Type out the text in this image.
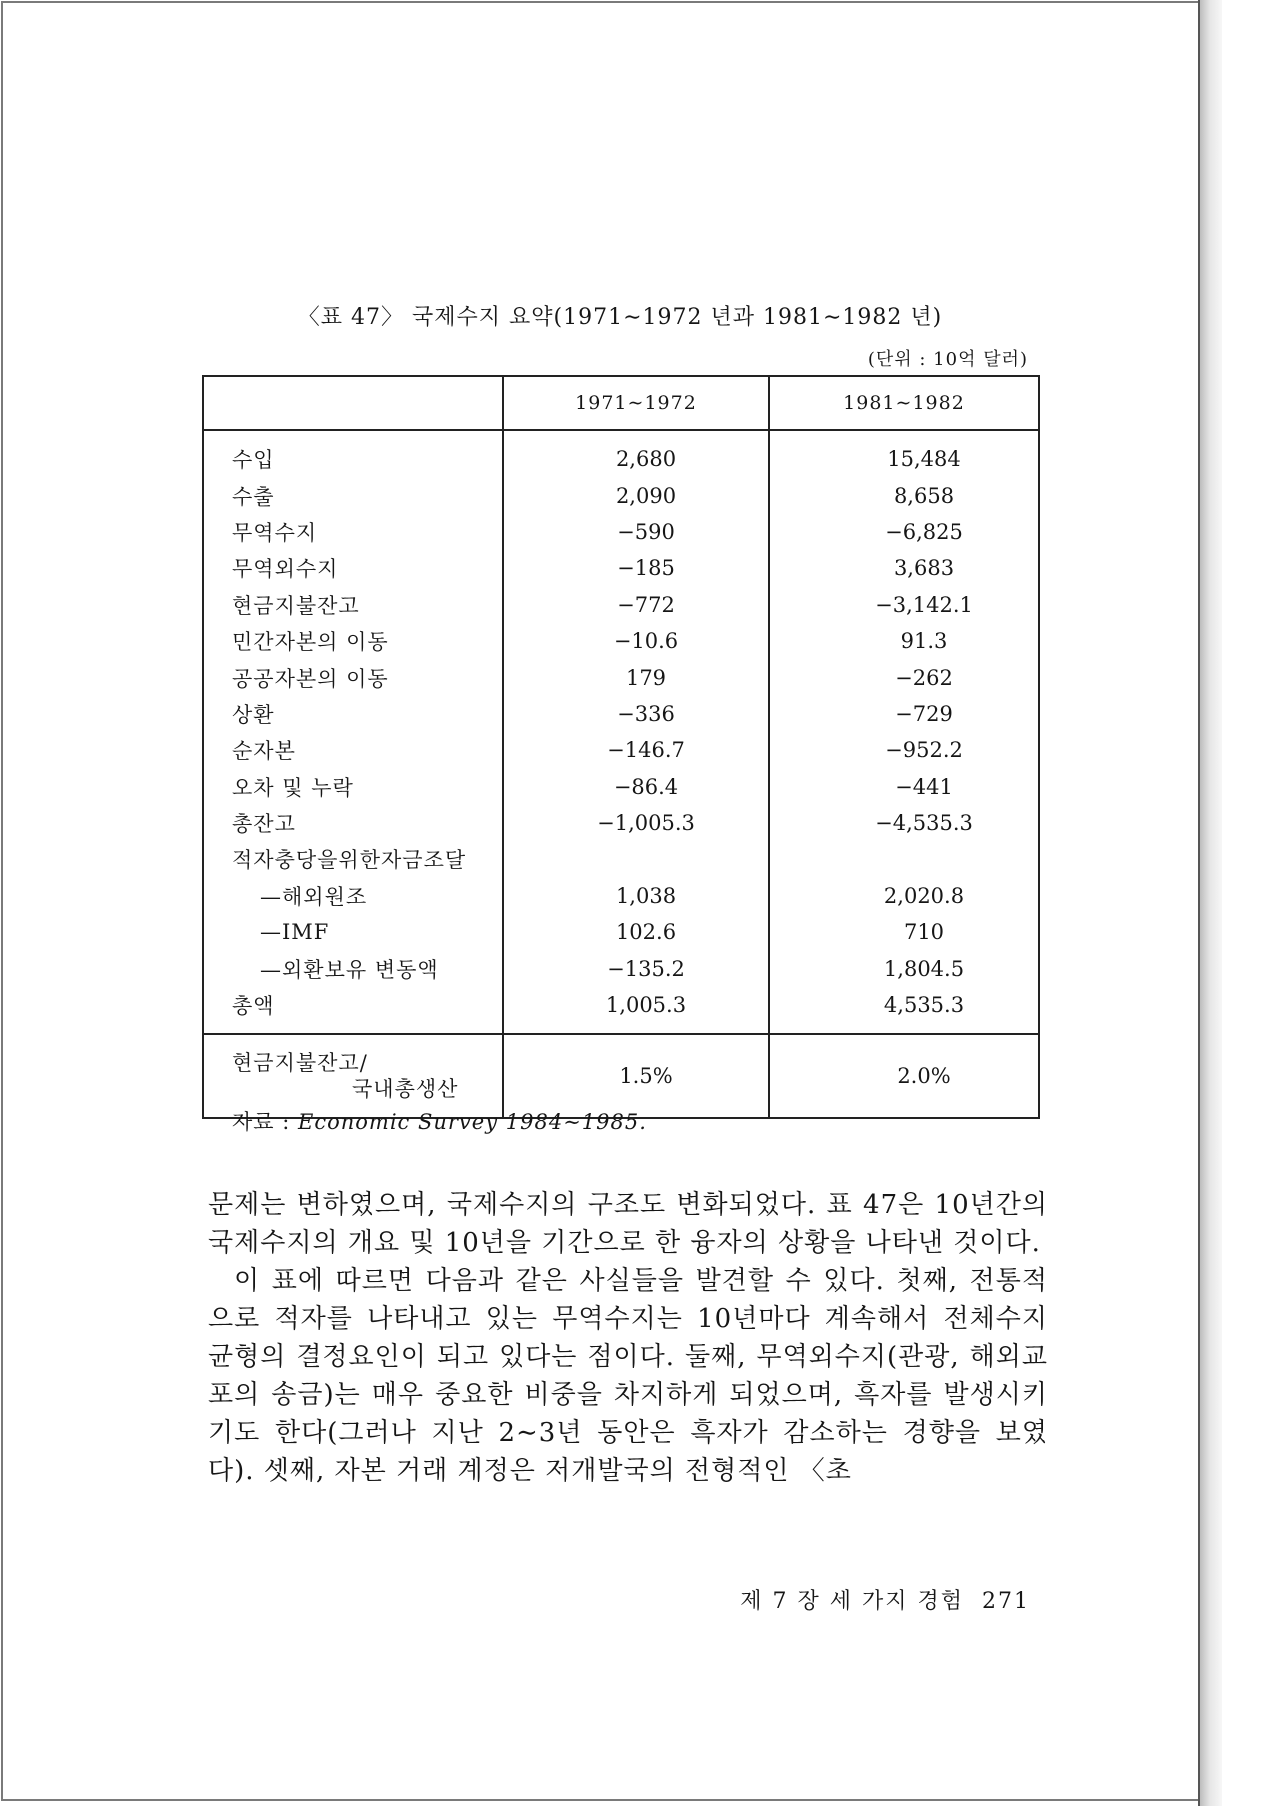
〈표 47〉 국제수지 요약(1971∼1972 년과 1981∼1982 년)
(단위 : 10억 달러)
	1971∼1972	1981∼1982
수입	2,680	15,484
수출	2,090	8,658
무역수지	−590	−6,825
무역외수지	−185	3,683
현금지불잔고	−772	−3,142.1
민간자본의 이동	−10.6	91.3
공공자본의 이동	179	−262
상환	−336	−729
순자본	−146.7	−952.2
오차 및 누락	−86.4	−441
총잔고	−1,005.3	−4,535.3
적자충당을위한자금조달		
—해외원조	1,038	2,020.8
—IMF	102.6	710
—외환보유 변동액	−135.2	1,804.5
총액	1,005.3	4,535.3
현금지불잔고/
국내총생산	1.5%	2.0%
자료 : Economic Survey 1984∼1985.

문제는 변하였으며, 국제수지의 구조도 변화되었다. 표 47은 10년간의 국제수지의 개요 및 10년을 기간으로 한 융자의 상황을 나타낸 것이다.

이 표에 따르면 다음과 같은 사실들을 발견할 수 있다. 첫째, 전통적으로 적자를 나타내고 있는 무역수지는 10년마다 계속해서 전체수지 균형의 결정요인이 되고 있다는 점이다. 둘째, 무역외수지(관광, 해외교포의 송금)는 매우 중요한 비중을 차지하게 되었으며, 흑자를 발생시키기도 한다(그러나 지난 2∼3년 동안은 흑자가 감소하는 경향을 보였다). 셋째, 자본 거래 계정은 저개발국의 전형적인 〈초

제 7 장 세 가지 경험 271
